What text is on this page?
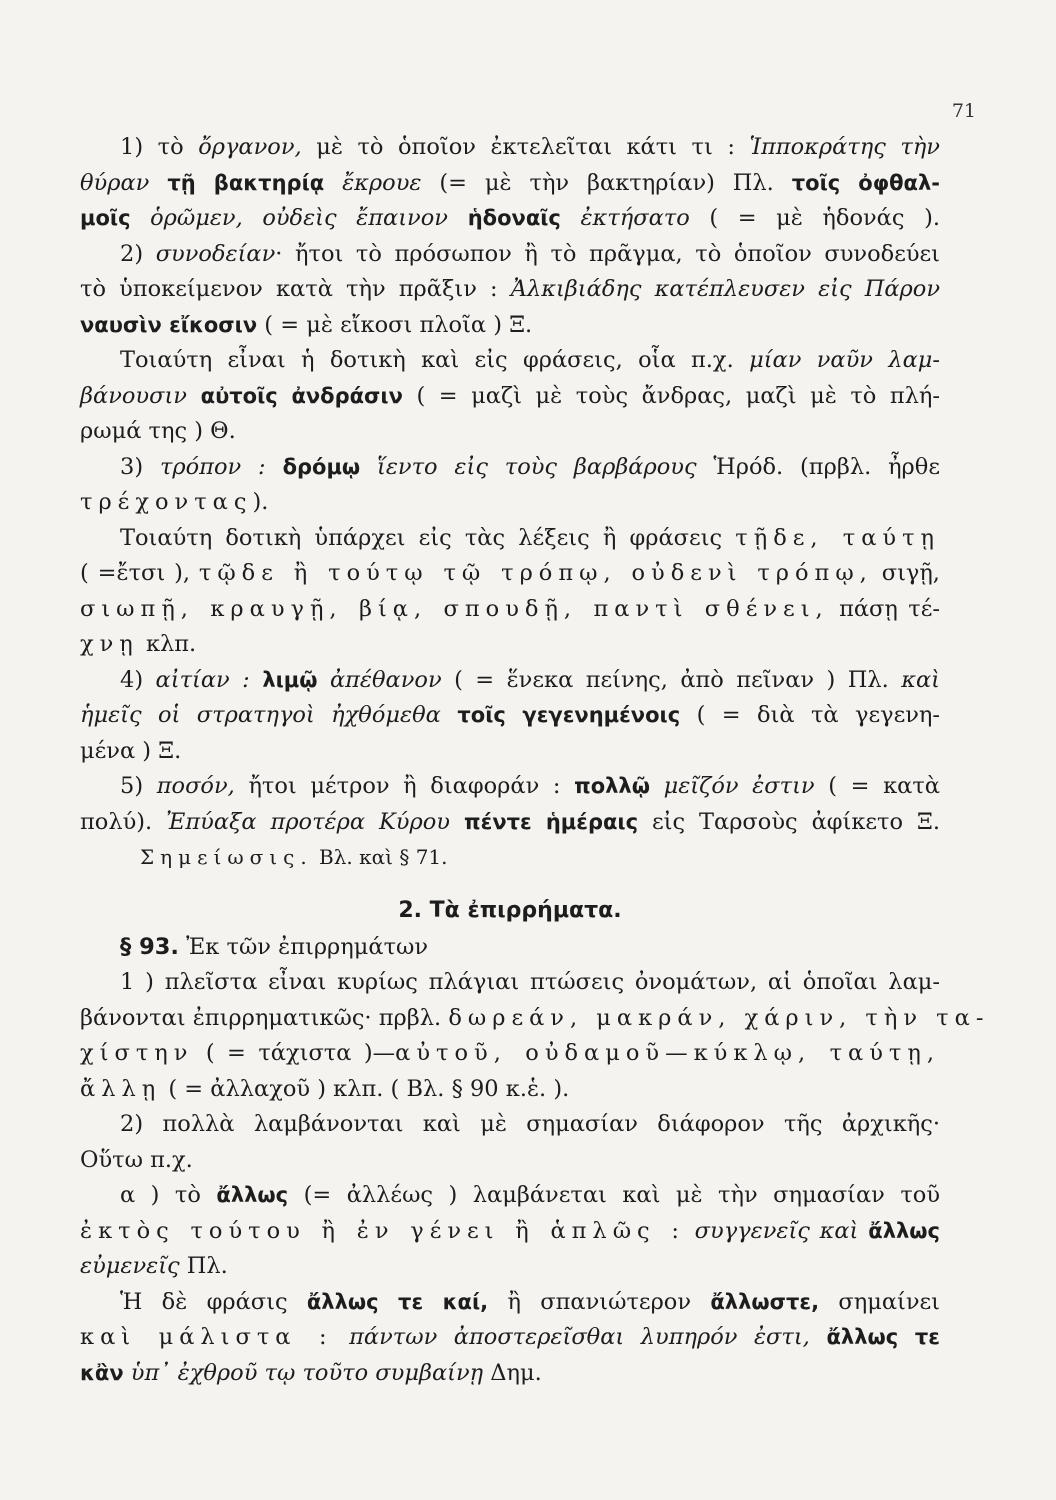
71
1) τὸ ὄργανον, μὲ τὸ ὁποῖον ἐκτελεῖται κάτι τι : Ἱπποκράτης τὴν
θύραν τῇ βακτηρίᾳ ἔκρουε (= μὲ τὴν βακτηρίαν) Πλ. τοῖς ὀφθαλ-
μοῖς ὁρῶμεν, οὐδεὶς ἔπαινον ἡδοναῖς ἐκτήσατο ( = μὲ ἡδονάς ).
2) συνοδείαν· ἤτοι τὸ πρόσωπον ἢ τὸ πρᾶγμα, τὸ ὁποῖον συνοδεύει
τὸ ὑποκείμενον κατὰ τὴν πρᾶξιν : Ἀλκιβιάδης κατέπλευσεν εἰς Πάρον
ναυσὶν εἴκοσιν ( = μὲ εἴκοσι πλοῖα ) Ξ.
Τοιαύτη εἶναι ἡ δοτικὴ καὶ εἰς φράσεις, οἷα π.χ. μίαν ναῦν λαμ-
βάνουσιν αὐτοῖς ἀνδράσιν ( = μαζὶ μὲ τοὺς ἄνδρας, μαζὶ μὲ τὸ πλή-
ρωμά της ) Θ.
3) τρόπον : δρόμῳ ἵεντο εἰς τοὺς βαρβάρους Ἡρόδ. (πρβλ. ἦρθε
τρέχοντας).
Τοιαύτη δοτικὴ ὑπάρχει εἰς τὰς λέξεις ἢ φράσεις τῇδε, ταύτῃ
( =ἔτσι ), τῷδε ἢ τούτῳ τῷ τρόπῳ, οὐδενὶ τρόπῳ, σιγῇ,
σιωπῇ, κραυγῇ, βίᾳ, σπουδῇ, παντὶ σθένει, πάσῃ τέ-
χνῃ κλπ.
4) αἰτίαν : λιμῷ ἀπέθανον ( = ἕνεκα πείνης, ἀπὸ πεῖναν ) Πλ. καὶ
ἡμεῖς οἱ στρατηγοὶ ἠχθόμεθα τοῖς γεγενημένοις ( = διὰ τὰ γεγενη-
μένα ) Ξ.
5) ποσόν, ἤτοι μέτρον ἢ διαφοράν : πολλῷ μεῖζόν ἐστιν ( = κατὰ
πολύ). Ἐπύαξα προτέρα Κύρου πέντε ἡμέραις εἰς Ταρσοὺς ἀφίκετο Ξ.
Σημείωσις. Βλ. καὶ § 71.
2. Τὰ ἐπιρρήματα.
§ 93. Ἐκ τῶν ἐπιρρημάτων
1 ) πλεῖστα εἶναι κυρίως πλάγιαι πτώσεις ὀνομάτων, αἱ ὁποῖαι λαμ-
βάνονται ἐπιρρηματικῶς· πρβλ. δωρεάν, μακράν, χάριν, τὴν τα-
χίστην ( = τάχιστα )—αὐτοῦ, οὐδαμοῦ—κύκλῳ, ταύτῃ,
ἄλλῃ ( = ἀλλαχοῦ ) κλπ. ( Βλ. § 90 κ.ἑ. ).
2) πολλὰ λαμβάνονται καὶ μὲ σημασίαν διάφορον τῆς ἀρχικῆς·
Οὕτω π.χ.
α ) τὸ ἄλλως (= ἀλλέως ) λαμβάνεται καὶ μὲ τὴν σημασίαν τοῦ
ἐκτὸς τούτου ἢ ἐν γένει ἢ ἁπλῶς : συγγενεῖς καὶ ἄλλως
εὐμενεῖς Πλ.
Ἡ δὲ φράσις ἄλλως τε καί, ἢ σπανιώτερον ἄλλωστε, σημαίνει
καὶ μάλιστα : πάντων ἀποστερεῖσθαι λυπηρόν ἐστι, ἄλλως τε
κἂν ὑπ᾿ ἐχθροῦ τῳ τοῦτο συμβαίνῃ Δημ.
